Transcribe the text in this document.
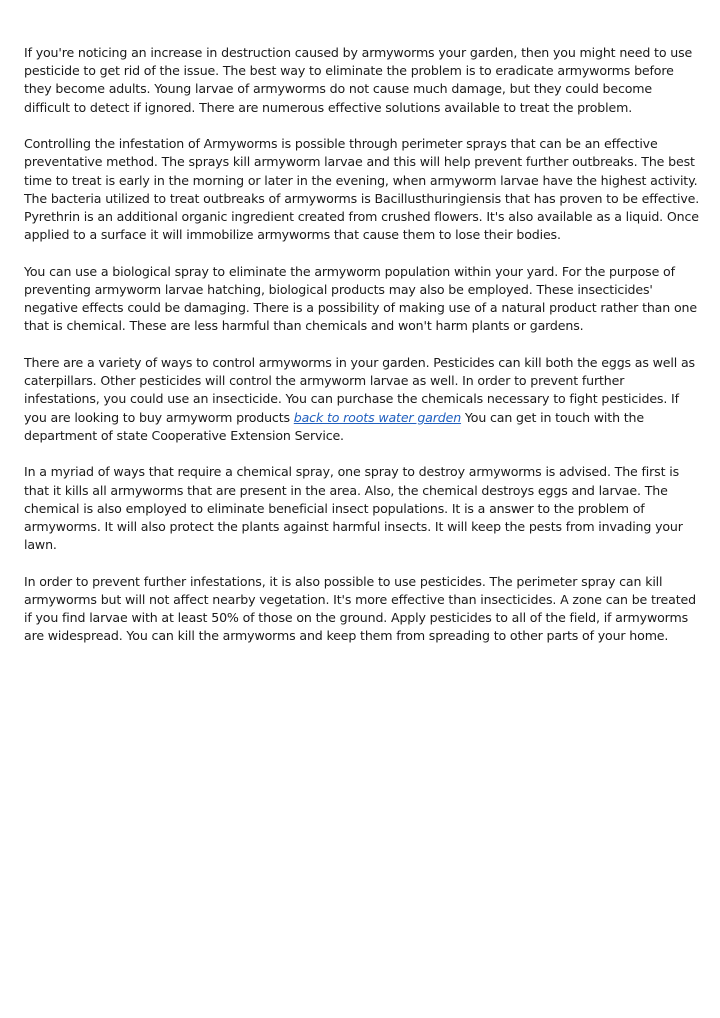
If you're noticing an increase in destruction caused by armyworms your garden, then you might need to use pesticide to get rid of the issue. The best way to eliminate the problem is to eradicate armyworms before they become adults. Young larvae of armyworms do not cause much damage, but they could become difficult to detect if ignored. There are numerous effective solutions available to treat the problem.

Controlling the infestation of Armyworms is possible through perimeter sprays that can be an effective preventative method. The sprays kill armyworm larvae and this will help prevent further outbreaks. The best time to treat is early in the morning or later in the evening, when armyworm larvae have the highest activity. The bacteria utilized to treat outbreaks of armyworms is Bacillusthuringiensis that has proven to be effective. Pyrethrin is an additional organic ingredient created from crushed flowers. It's also available as a liquid. Once applied to a surface it will immobilize armyworms that cause them to lose their bodies.

You can use a biological spray to eliminate the armyworm population within your yard. For the purpose of preventing armyworm larvae hatching, biological products may also be employed. These insecticides' negative effects could be damaging. There is a possibility of making use of a natural product rather than one that is chemical. These are less harmful than chemicals and won't harm plants or gardens.

There are a variety of ways to control armyworms in your garden. Pesticides can kill both the eggs as well as caterpillars. Other pesticides will control the armyworm larvae as well. In order to prevent further infestations, you could use an insecticide. You can purchase the chemicals necessary to fight pesticides. If you are looking to buy armyworm products back to roots water garden You can get in touch with the department of state Cooperative Extension Service.

In a myriad of ways that require a chemical spray, one spray to destroy armyworms is advised. The first is that it kills all armyworms that are present in the area. Also, the chemical destroys eggs and larvae. The chemical is also employed to eliminate beneficial insect populations. It is a answer to the problem of armyworms. It will also protect the plants against harmful insects. It will keep the pests from invading your lawn.

In order to prevent further infestations, it is also possible to use pesticides. The perimeter spray can kill armyworms but will not affect nearby vegetation. It's more effective than insecticides. A zone can be treated if you find larvae with at least 50% of those on the ground. Apply pesticides to all of the field, if armyworms are widespread. You can kill the armyworms and keep them from spreading to other parts of your home.
